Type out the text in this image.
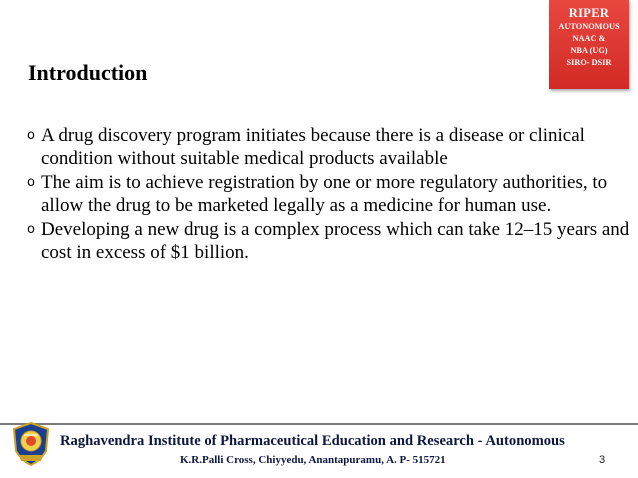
RIPER
AUTONOMOUS
NAAC &
NBA (UG)
SIRO- DSIR
Introduction
o A drug discovery program initiates because there is a disease or clinical condition without suitable medical products available
o The aim is to achieve registration by one or more regulatory authorities, to allow the drug to be marketed legally as a medicine for human use.
o Developing a new drug is a complex process which can take 12–15 years and cost in excess of $1 billion.
Raghavendra Institute of Pharmaceutical Education and Research - Autonomous
K.R.Palli Cross, Chiyyedu, Anantapuramu, A. P- 515721	3
